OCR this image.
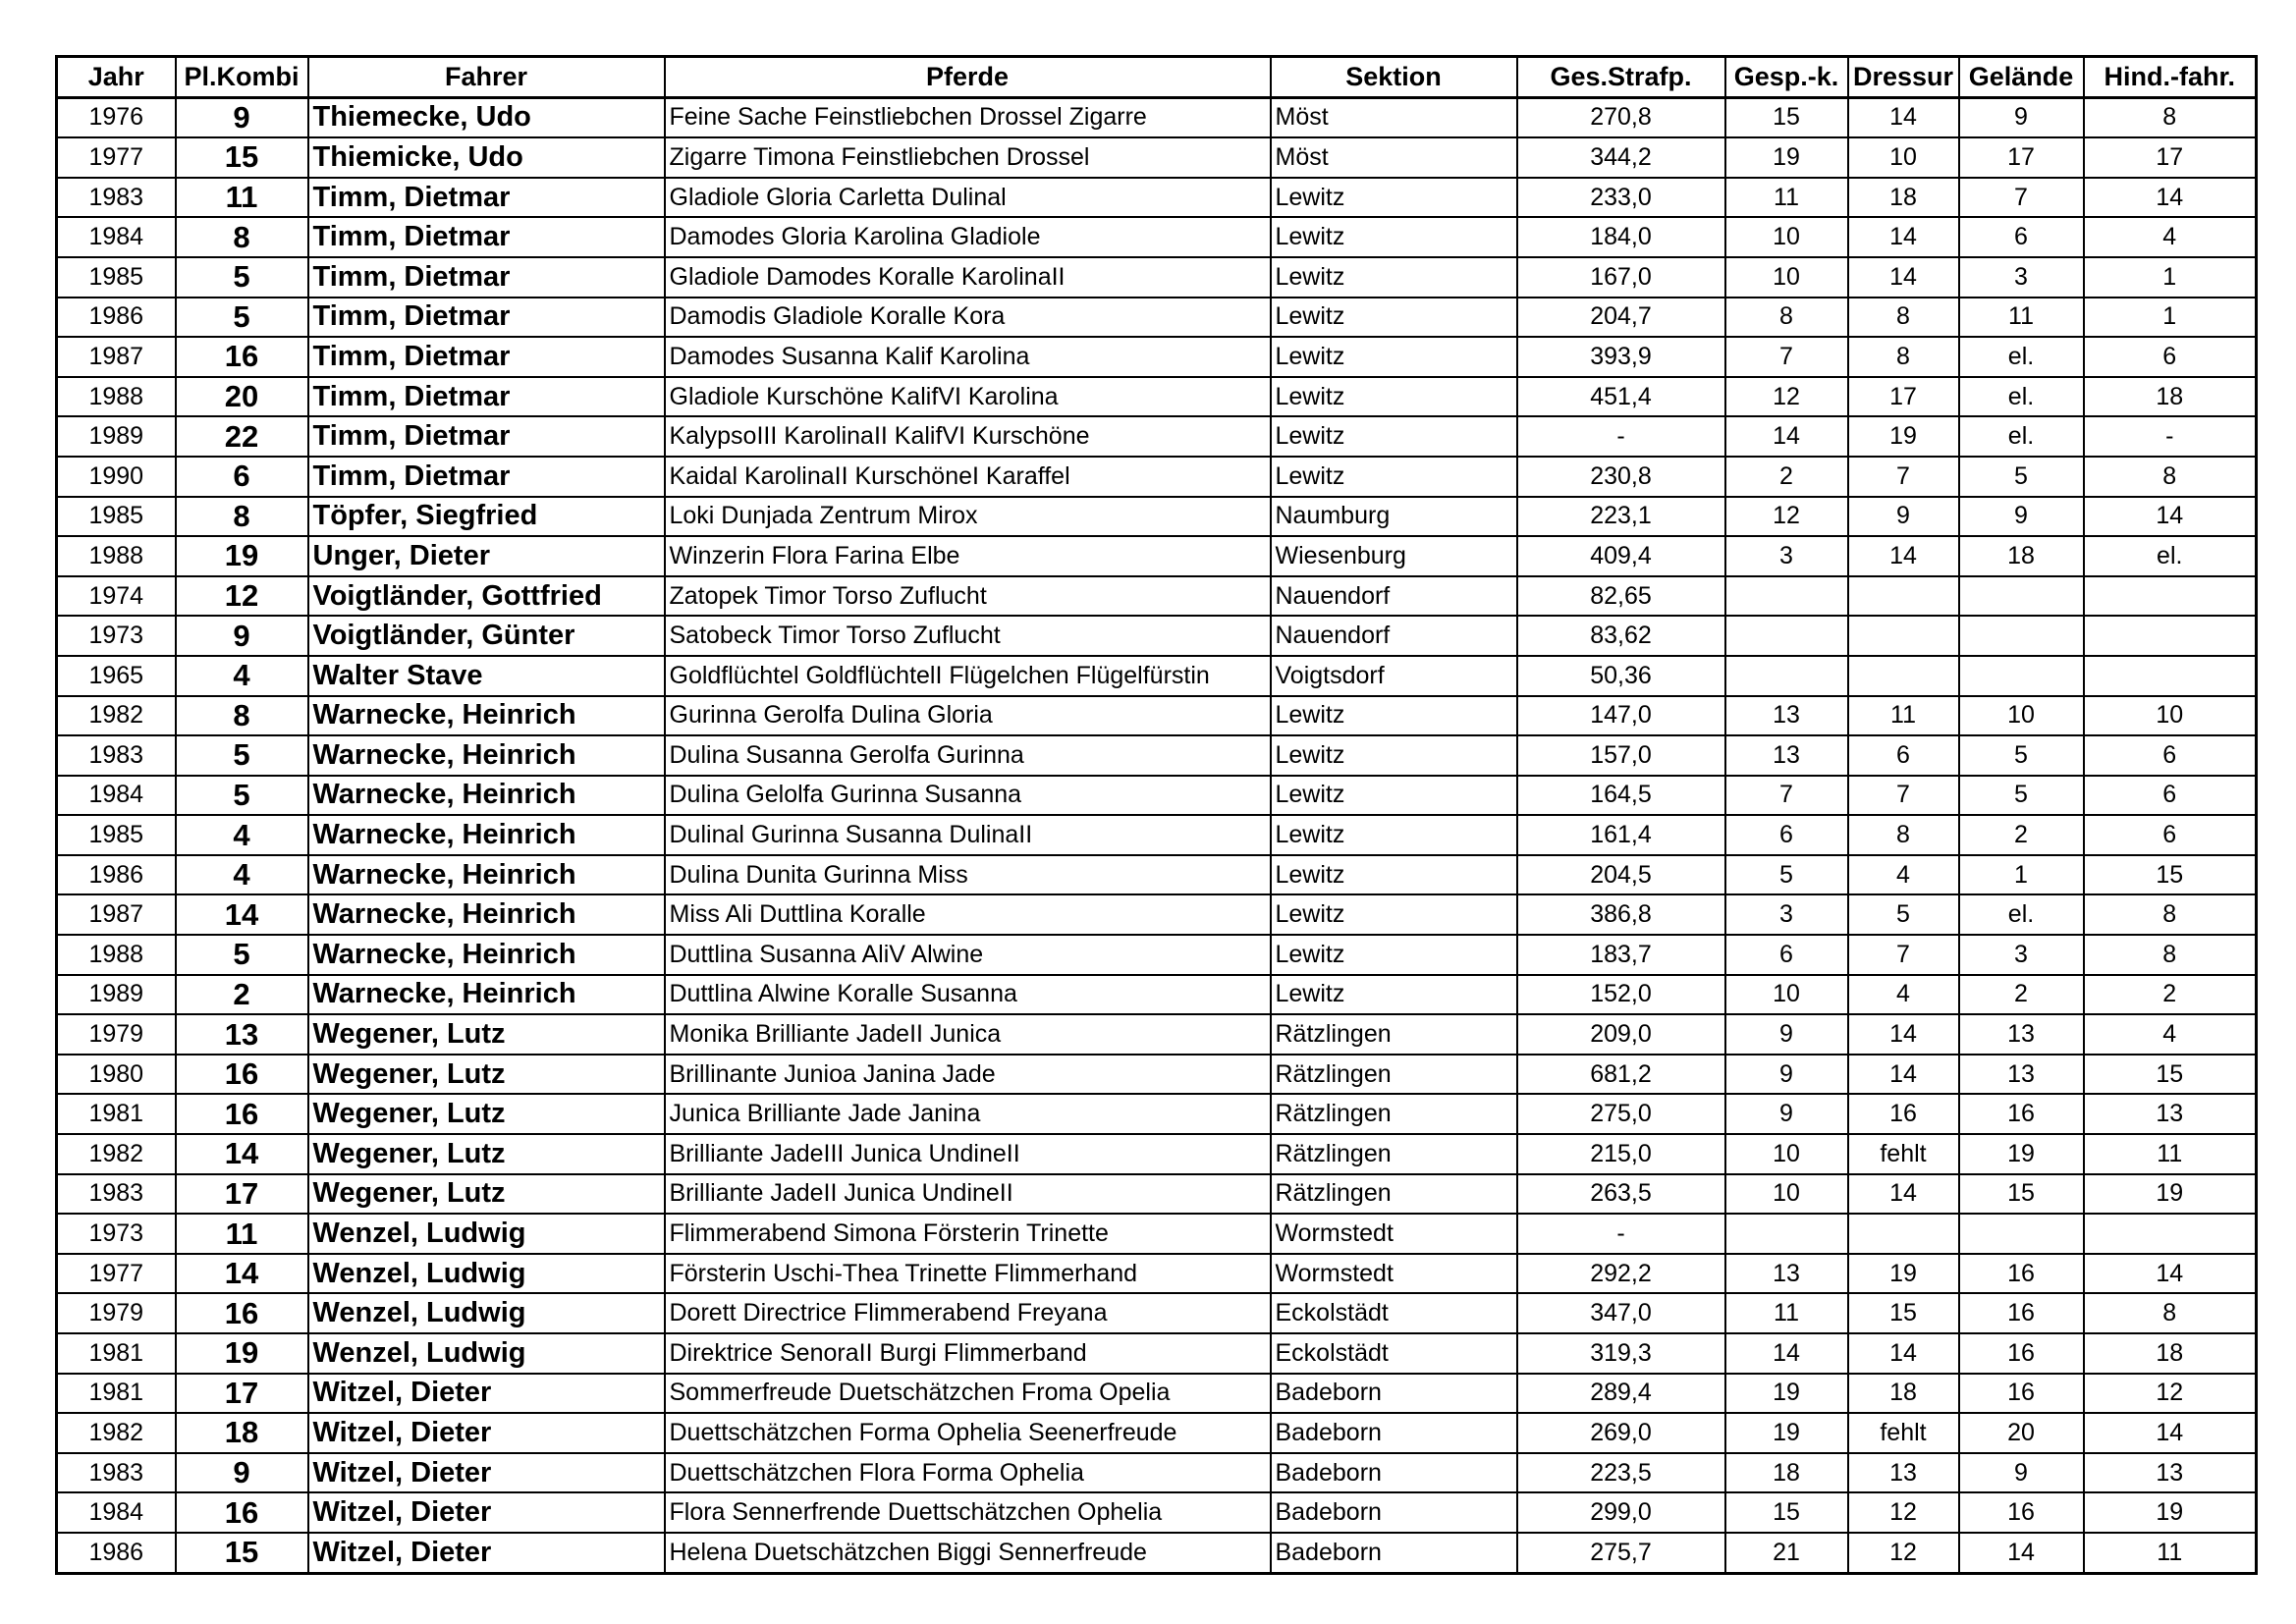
Jahr	Pl.Kombi	Fahrer	Pferde	Sektion	Ges.Strafp.	Gesp.-k.	Dressur	Gelände	Hind.-fahr.
1976	9	Thiemecke, Udo	Feine Sache Feinstliebchen Drossel Zigarre	Möst	270,8	15	14	9	8
1977	15	Thiemicke, Udo	Zigarre Timona Feinstliebchen Drossel	Möst	344,2	19	10	17	17
1983	11	Timm, Dietmar	Gladiole Gloria Carletta Dulinal	Lewitz	233,0	11	18	7	14
1984	8	Timm, Dietmar	Damodes Gloria Karolina Gladiole	Lewitz	184,0	10	14	6	4
1985	5	Timm, Dietmar	Gladiole Damodes Koralle KarolinaII	Lewitz	167,0	10	14	3	1
1986	5	Timm, Dietmar	Damodis Gladiole Koralle Kora	Lewitz	204,7	8	8	11	1
1987	16	Timm, Dietmar	Damodes Susanna Kalif Karolina	Lewitz	393,9	7	8	el.	6
1988	20	Timm, Dietmar	Gladiole Kurschöne KalifVI Karolina	Lewitz	451,4	12	17	el.	18
1989	22	Timm, Dietmar	KalypsoIII KarolinaII KalifVI Kurschöne	Lewitz	-	14	19	el.	-
1990	6	Timm, Dietmar	Kaidal KarolinaII KurschöneI Karaffel	Lewitz	230,8	2	7	5	8
1985	8	Töpfer, Siegfried	Loki Dunjada Zentrum Mirox	Naumburg	223,1	12	9	9	14
1988	19	Unger, Dieter	Winzerin Flora Farina Elbe	Wiesenburg	409,4	3	14	18	el.
1974	12	Voigtländer, Gottfried	Zatopek Timor Torso Zuflucht	Nauendorf	82,65				
1973	9	Voigtländer, Günter	Satobeck Timor Torso Zuflucht	Nauendorf	83,62				
1965	4	Walter Stave	Goldflüchtel GoldflüchtelI Flügelchen Flügelfürstin	Voigtsdorf	50,36				
1982	8	Warnecke, Heinrich	Gurinna Gerolfa Dulina Gloria	Lewitz	147,0	13	11	10	10
1983	5	Warnecke, Heinrich	Dulina Susanna Gerolfa Gurinna	Lewitz	157,0	13	6	5	6
1984	5	Warnecke, Heinrich	Dulina Gelolfa Gurinna Susanna	Lewitz	164,5	7	7	5	6
1985	4	Warnecke, Heinrich	Dulinal Gurinna Susanna DulinaII	Lewitz	161,4	6	8	2	6
1986	4	Warnecke, Heinrich	Dulina Dunita Gurinna Miss	Lewitz	204,5	5	4	1	15
1987	14	Warnecke, Heinrich	Miss Ali Duttlina Koralle	Lewitz	386,8	3	5	el.	8
1988	5	Warnecke, Heinrich	Duttlina Susanna AliV Alwine	Lewitz	183,7	6	7	3	8
1989	2	Warnecke, Heinrich	Duttlina Alwine Koralle Susanna	Lewitz	152,0	10	4	2	2
1979	13	Wegener, Lutz	Monika Brilliante JadeII Junica	Rätzlingen	209,0	9	14	13	4
1980	16	Wegener, Lutz	Brillinante Junioa Janina Jade	Rätzlingen	681,2	9	14	13	15
1981	16	Wegener, Lutz	Junica Brilliante Jade Janina	Rätzlingen	275,0	9	16	16	13
1982	14	Wegener, Lutz	Brilliante JadeIII Junica UndineII	Rätzlingen	215,0	10	fehlt	19	11
1983	17	Wegener, Lutz	Brilliante JadeII Junica UndineII	Rätzlingen	263,5	10	14	15	19
1973	11	Wenzel, Ludwig	Flimmerabend Simona Försterin Trinette	Wormstedt	-				
1977	14	Wenzel, Ludwig	Försterin Uschi-Thea Trinette Flimmerhand	Wormstedt	292,2	13	19	16	14
1979	16	Wenzel, Ludwig	Dorett Directrice Flimmerabend Freyana	Eckolstädt	347,0	11	15	16	8
1981	19	Wenzel, Ludwig	Direktrice SenoraII Burgi Flimmerband	Eckolstädt	319,3	14	14	16	18
1981	17	Witzel, Dieter	Sommerfreude Duetschätzchen Froma Opelia	Badeborn	289,4	19	18	16	12
1982	18	Witzel, Dieter	Duettschätzchen Forma Ophelia Seenerfreude	Badeborn	269,0	19	fehlt	20	14
1983	9	Witzel, Dieter	Duettschätzchen Flora Forma Ophelia	Badeborn	223,5	18	13	9	13
1984	16	Witzel, Dieter	Flora Sennerfrende Duettschätzchen Ophelia	Badeborn	299,0	15	12	16	19
1986	15	Witzel, Dieter	Helena Duetschätzchen Biggi Sennerfreude	Badeborn	275,7	21	12	14	11
